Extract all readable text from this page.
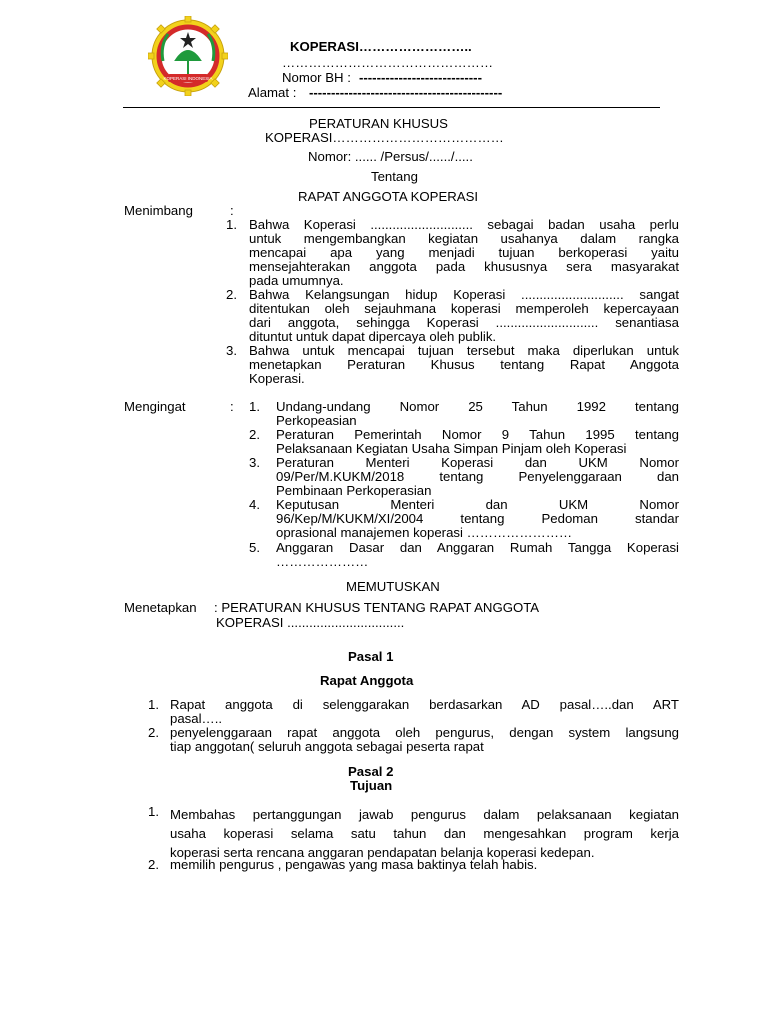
KOPERASI INDONESIA
KOPERASI……………………..
…………………………………………
Nomor BH : ----------------------------
Alamat : --------------------------------------------
PERATURAN KHUSUS
KOPERASI…………………………………
Nomor: ...... /Persus/....../.....
Tentang
RAPAT ANGGOTA KOPERASI
Menimbang	:
1. Bahwa Koperasi ............................ sebagai badan usaha perlu
untuk mengembangkan kegiatan usahanya dalam rangka
mencapai apa yang menjadi tujuan berkoperasi yaitu
mensejahterakan anggota pada khususnya sera masyarakat
pada umumnya.
2. Bahwa Kelangsungan hidup Koperasi ............................ sangat
ditentukan oleh sejauhmana koperasi memperoleh kepercayaan
dari anggota, sehingga Koperasi ............................ senantiasa
dituntut untuk dapat dipercaya oleh publik.
3. Bahwa untuk mencapai tujuan tersebut maka diperlukan untuk
menetapkan Peraturan Khusus tentang Rapat Anggota
Koperasi.
Mengingat	: 1. Undang-undang Nomor 25 Tahun 1992 tentang
Perkopeasian
2. Peraturan Pemerintah Nomor 9 Tahun 1995 tentang
Pelaksanaan Kegiatan Usaha Simpan Pinjam oleh Koperasi
3. Peraturan Menteri Koperasi dan UKM Nomor
09/Per/M.KUKM/2018 tentang Penyelenggaraan dan
Pembinaan Perkoperasian
4. Keputusan Menteri dan UKM Nomor
96/Kep/M/KUKM/XI/2004 tentang Pedoman standar
oprasional manajemen koperasi ……………………
5. Anggaran Dasar dan Anggaran Rumah Tangga Koperasi
…………………
MEMUTUSKAN
Menetapkan : PERATURAN KHUSUS TENTANG RAPAT ANGGOTA
KOPERASI ................................
Pasal 1
Rapat Anggota
1. Rapat anggota di selenggarakan berdasarkan AD pasal…..dan ART
pasal…..
2. penyelenggaraan rapat anggota oleh pengurus, dengan system langsung
tiap anggotan( seluruh anggota sebagai peserta rapat
Pasal 2
Tujuan
1. Membahas pertanggungan jawab pengurus dalam pelaksanaan kegiatan
usaha koperasi selama satu tahun dan mengesahkan program kerja
koperasi serta rencana anggaran pendapatan belanja koperasi kedepan.
2. memilih pengurus , pengawas yang masa baktinya telah habis.
